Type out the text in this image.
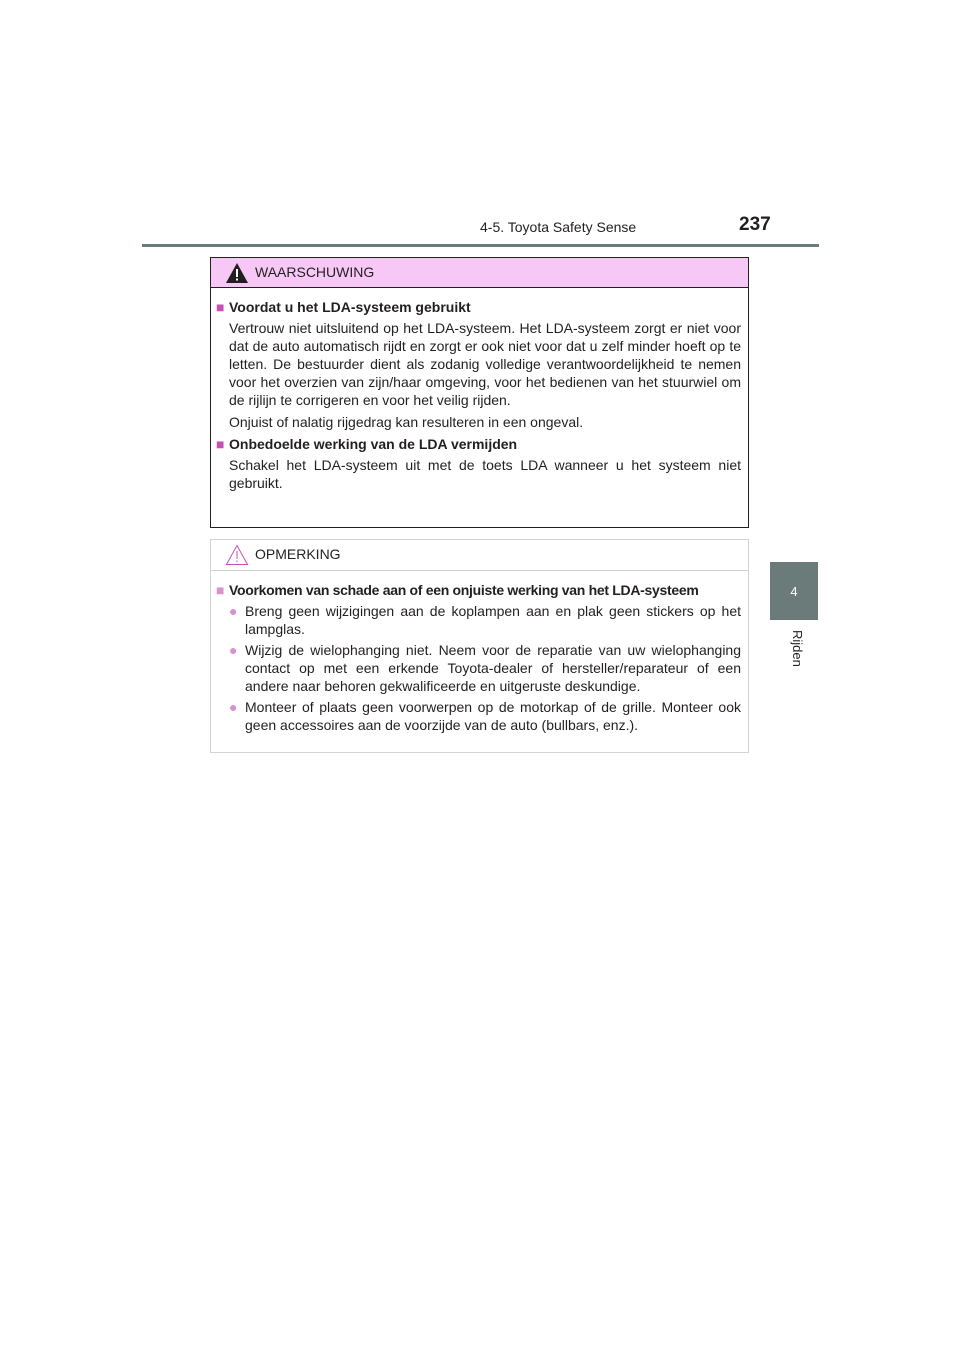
4-5. Toyota Safety Sense	237
4
Rijden
WAARSCHUWING
■ Voordat u het LDA-systeem gebruikt
Vertrouw niet uitsluitend op het LDA-systeem. Het LDA-systeem zorgt er niet voor dat de auto automatisch rijdt en zorgt er ook niet voor dat u zelf minder hoeft op te letten. De bestuurder dient als zodanig volledige verantwoordelijkheid te nemen voor het overzien van zijn/haar omgeving, voor het bedienen van het stuurwiel om de rijlijn te corrigeren en voor het veilig rijden.
Onjuist of nalatig rijgedrag kan resulteren in een ongeval.
■ Onbedoelde werking van de LDA vermijden
Schakel het LDA-systeem uit met de toets LDA wanneer u het systeem niet gebruikt.
OPMERKING
■ Voorkomen van schade aan of een onjuiste werking van het LDA-systeem
● Breng geen wijzigingen aan de koplampen aan en plak geen stickers op het lampglas.
● Wijzig de wielophanging niet. Neem voor de reparatie van uw wielophanging contact op met een erkende Toyota-dealer of hersteller/reparateur of een andere naar behoren gekwalificeerde en uitgeruste deskundige.
● Monteer of plaats geen voorwerpen op de motorkap of de grille. Monteer ook geen accessoires aan de voorzijde van de auto (bullbars, enz.).
